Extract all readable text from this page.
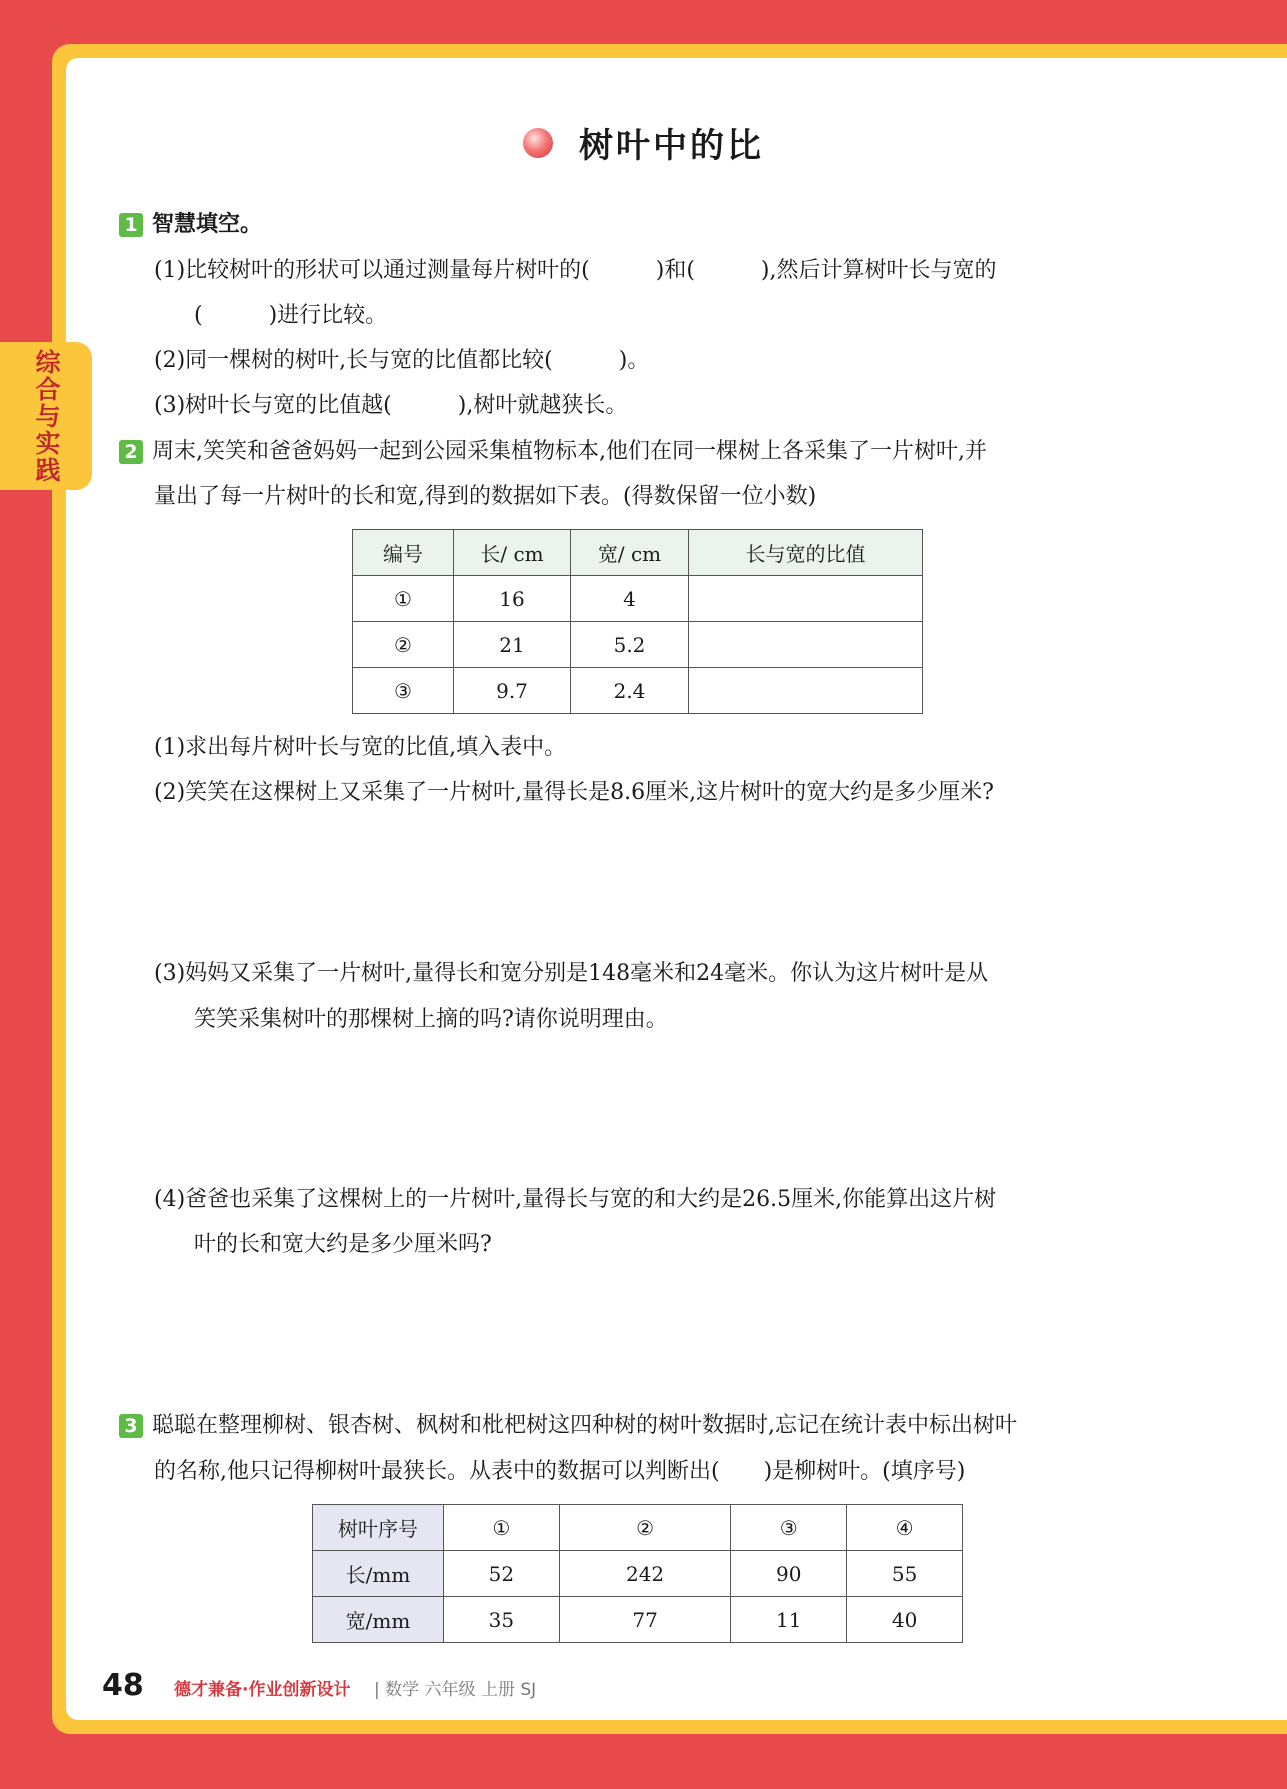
综合与实践
树叶中的比
1 智慧填空。
(1)比较树叶的形状可以通过测量每片树叶的(　　　)和(　　　),然后计算树叶长与宽的
(　　　)进行比较。
(2)同一棵树的树叶,长与宽的比值都比较(　　　)。
(3)树叶长与宽的比值越(　　　),树叶就越狭长。
2 周末,笑笑和爸爸妈妈一起到公园采集植物标本,他们在同一棵树上各采集了一片树叶,并
量出了每一片树叶的长和宽,得到的数据如下表。(得数保留一位小数)
编号	长/ cm	宽/ cm	长与宽的比值
①	16	4	
②	21	5.2	
③	9.7	2.4	
(1)求出每片树叶长与宽的比值,填入表中。
(2)笑笑在这棵树上又采集了一片树叶,量得长是8.6厘米,这片树叶的宽大约是多少厘米?
(3)妈妈又采集了一片树叶,量得长和宽分别是148毫米和24毫米。你认为这片树叶是从
笑笑采集树叶的那棵树上摘的吗?请你说明理由。
(4)爸爸也采集了这棵树上的一片树叶,量得长与宽的和大约是26.5厘米,你能算出这片树
叶的长和宽大约是多少厘米吗?
3 聪聪在整理柳树、银杏树、枫树和枇杷树这四种树的树叶数据时,忘记在统计表中标出树叶
的名称,他只记得柳树叶最狭长。从表中的数据可以判断出(　　)是柳树叶。(填序号)
树叶序号	①	②	③	④
长/mm	52	242	90	55
宽/mm	35	77	11	40
48 德才兼备·作业创新设计 | 数学 六年级 上册 SJ
